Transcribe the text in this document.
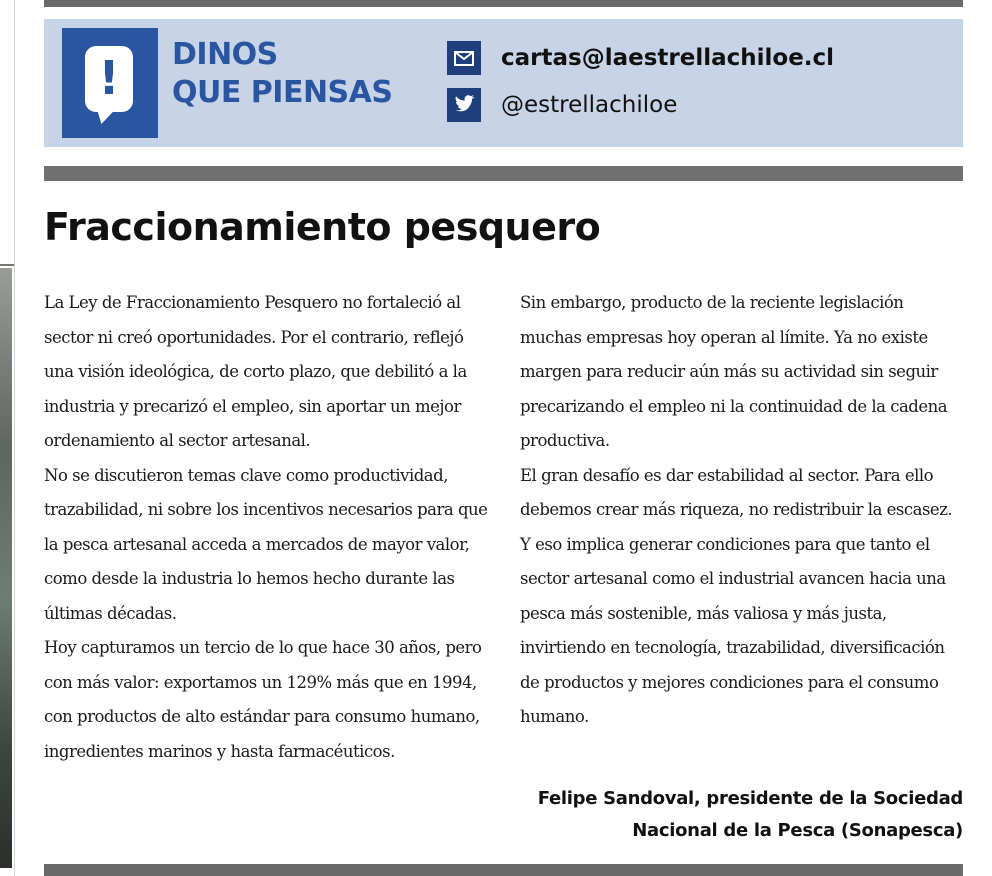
!	DINOS
QUE PIENSAS
cartas@laestrellachiloe.cl
@estrellachiloe
Fraccionamiento pesquero

La Ley de Fraccionamiento Pesquero no fortaleció al sector ni creó oportunidades. Por el contrario, reflejó una visión ideológica, de corto plazo, que debilitó a la industria y precarizó el empleo, sin aportar un mejor ordenamiento al sector artesanal.

No se discutieron temas clave como productividad, trazabilidad, ni sobre los incentivos necesarios para que la pesca artesanal acceda a mercados de mayor valor, como desde la industria lo hemos hecho durante las últimas décadas.

Hoy capturamos un tercio de lo que hace 30 años, pero con más valor: exportamos un 129% más que en 1994, con productos de alto estándar para consumo humano, ingredientes marinos y hasta farmacéuticos.

Sin embargo, producto de la reciente legislación muchas empresas hoy operan al límite. Ya no existe margen para reducir aún más su actividad sin seguir precarizando el empleo ni la continuidad de la cadena productiva.

El gran desafío es dar estabilidad al sector. Para ello debemos crear más riqueza, no redistribuir la escasez. Y eso implica generar condiciones para que tanto el sector artesanal como el industrial avancen hacia una pesca más sostenible, más valiosa y más justa, invirtiendo en tecnología, trazabilidad, diversificación de productos y mejores condiciones para el consumo humano.

Felipe Sandoval, presidente de la Sociedad
Nacional de la Pesca (Sonapesca)
